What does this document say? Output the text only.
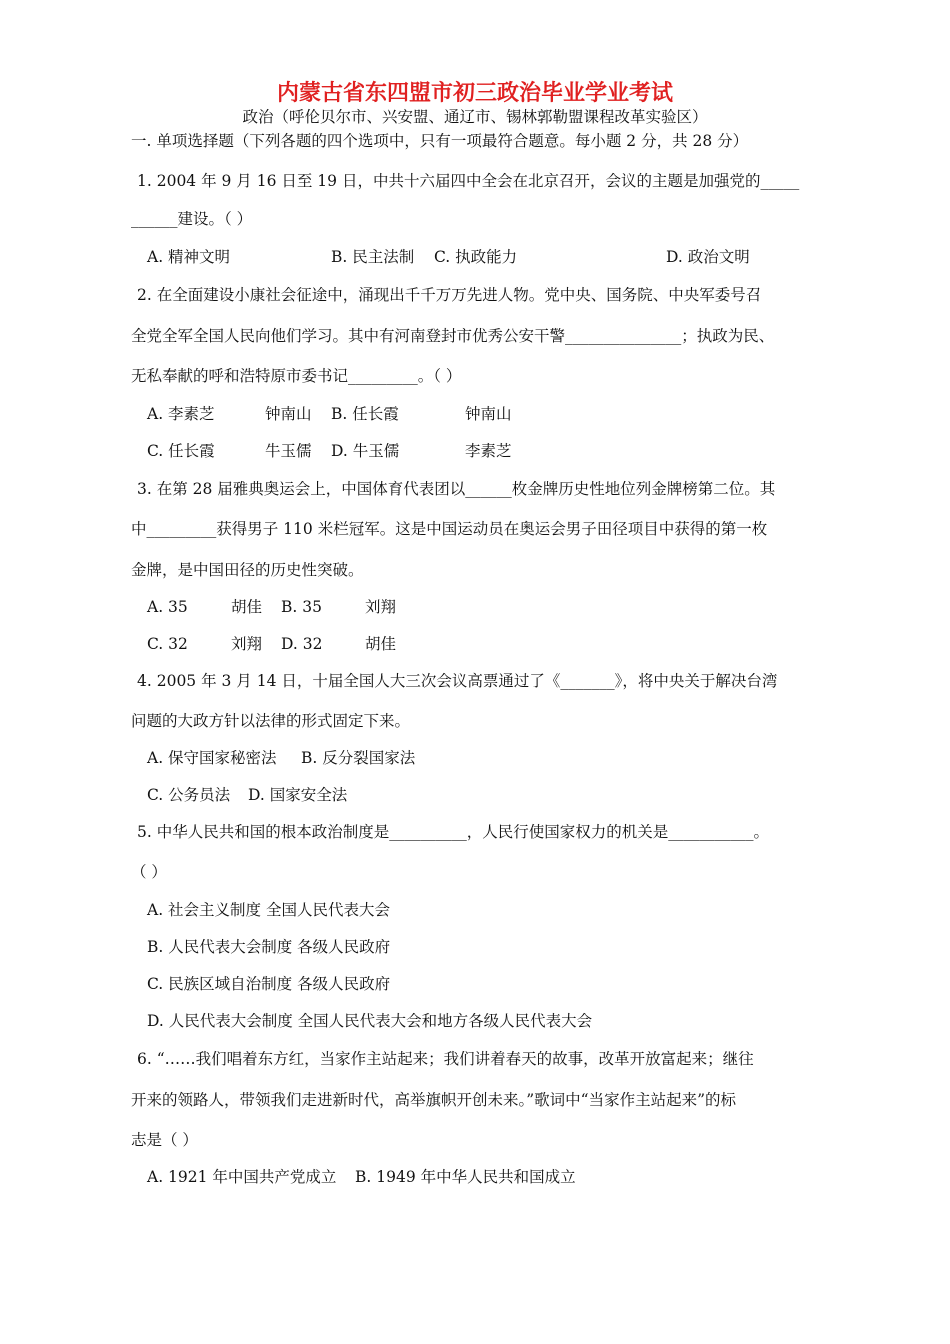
内蒙古省东四盟市初三政治毕业学业考试
政治（呼伦贝尔市、兴安盟、通辽市、锡林郭勒盟课程改革实验区）
一. 单项选择题（下列各题的四个选项中，只有一项最符合题意。每小题 2 分，共 28 分）
1. 2004 年 9 月 16 日至 19 日，中共十六届四中全会在北京召开，会议的主题是加强党的_____
______建设。（ ）
A. 精神文明	B. 民主法制 C. 执政能力	D. 政治文明
2. 在全面建设小康社会征途中，涌现出千千万万先进人物。党中央、国务院、中央军委号召
全党全军全国人民向他们学习。其中有河南登封市优秀公安干警_______________；执政为民、
无私奉献的呼和浩特原市委书记_________。（ ）
A. 李素芝	钟南山 B. 任长霞	钟南山
C. 任长霞	牛玉儒 D. 牛玉儒	李素芝
3. 在第 28 届雅典奥运会上，中国体育代表团以______枚金牌历史性地位列金牌榜第二位。其
中_________获得男子 110 米栏冠军。这是中国运动员在奥运会男子田径项目中获得的第一枚
金牌，是中国田径的历史性突破。
A. 35	胡佳 B. 35	刘翔
C. 32	刘翔 D. 32	胡佳
4. 2005 年 3 月 14 日，十届全国人大三次会议高票通过了《_______》，将中央关于解决台湾
问题的大政方针以法律的形式固定下来。
A. 保守国家秘密法 B. 反分裂国家法
C. 公务员法 D. 国家安全法
5. 中华人民共和国的根本政治制度是__________，人民行使国家权力的机关是___________。
（ ）
A. 社会主义制度 全国人民代表大会
B. 人民代表大会制度 各级人民政府
C. 民族区域自治制度 各级人民政府
D. 人民代表大会制度 全国人民代表大会和地方各级人民代表大会
6. “……我们唱着东方红，当家作主站起来；我们讲着春天的故事，改革开放富起来；继往
开来的领路人，带领我们走进新时代，高举旗帜开创未来。”歌词中“当家作主站起来”的标
志是（ ）
A. 1921 年中国共产党成立 B. 1949 年中华人民共和国成立
